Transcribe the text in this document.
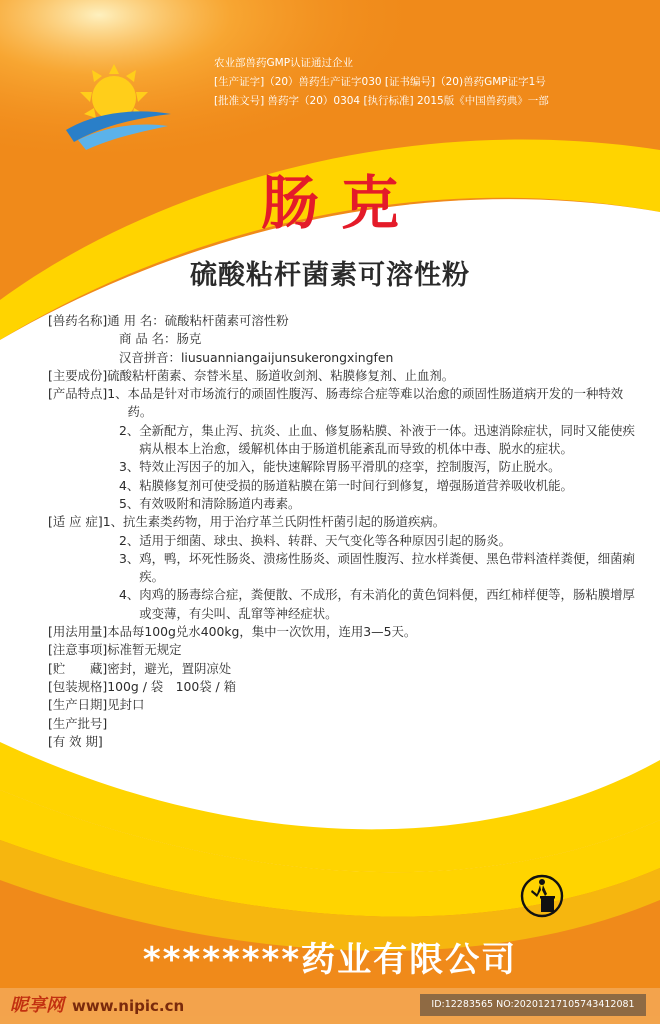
农业部兽药GMP认证通过企业
[生产证字]（20）兽药生产证字030 [证书编号]（20)兽药GMP证字1号
[批准文号] 兽药字（20）0304 [执行标准] 2015版《中国兽药典》一部
肠克
硫酸粘杆菌素可溶性粉
[兽药名称] 通 用 名： 硫酸粘杆菌素可溶性粉
商 品 名： 肠克
汉音拼音： liusuanniangaijunsukerongxingfen
[主要成份] 硫酸粘杆菌素、奈替米星、肠道收剑剂、粘膜修复剂、止血剂。
[产品特点] 1、 本品是针对市场流行的顽固性腹泻、肠毒综合症等难以治愈的顽固性肠道病开发的一种特效药。
2、 全新配方，集止泻、抗炎、止血、修复肠粘膜、补液于一体。迅速消除症状，同时又能使疾病从根本上治愈，缓解机体由于肠道机能紊乱而导致的机体中毒、脱水的症状。
3、 特效止泻因子的加入，能快速解除胃肠平滑肌的痉挛，控制腹泻，防止脱水。
4、 粘膜修复剂可使受损的肠道粘膜在第一时间行到修复，增强肠道营养吸收机能。
5、 有效吸附和清除肠道内毒素。
[适 应 症] 1、 抗生素类药物，用于治疗革兰氏阴性杆菌引起的肠道疾病。
2、 适用于细菌、球虫、换料、转群、天气变化等各种原因引起的肠炎。
3、 鸡，鸭，坏死性肠炎、溃疡性肠炎、顽固性腹泻、拉水样粪便、黑色带料渣样粪便，细菌痢疾。
4、 肉鸡的肠毒综合症，粪便散、不成形，有未消化的黄色饲料便，西红柿样便等，肠粘膜增厚或变薄，有尖叫、乱窜等神经症状。
[用法用量] 本品每100g兑水400kg，集中一次饮用，连用3—5天。
[注意事项] 标准暂无规定
[贮　　藏] 密封，避光，置阴凉处
[包装规格] 100g / 袋　100袋 / 箱
[生产日期] 见封口
[生产批号]
[有 效 期]
********药业有限公司
昵享网 www.nipic.cn	ID:12283565 NO:20201217105743412081
